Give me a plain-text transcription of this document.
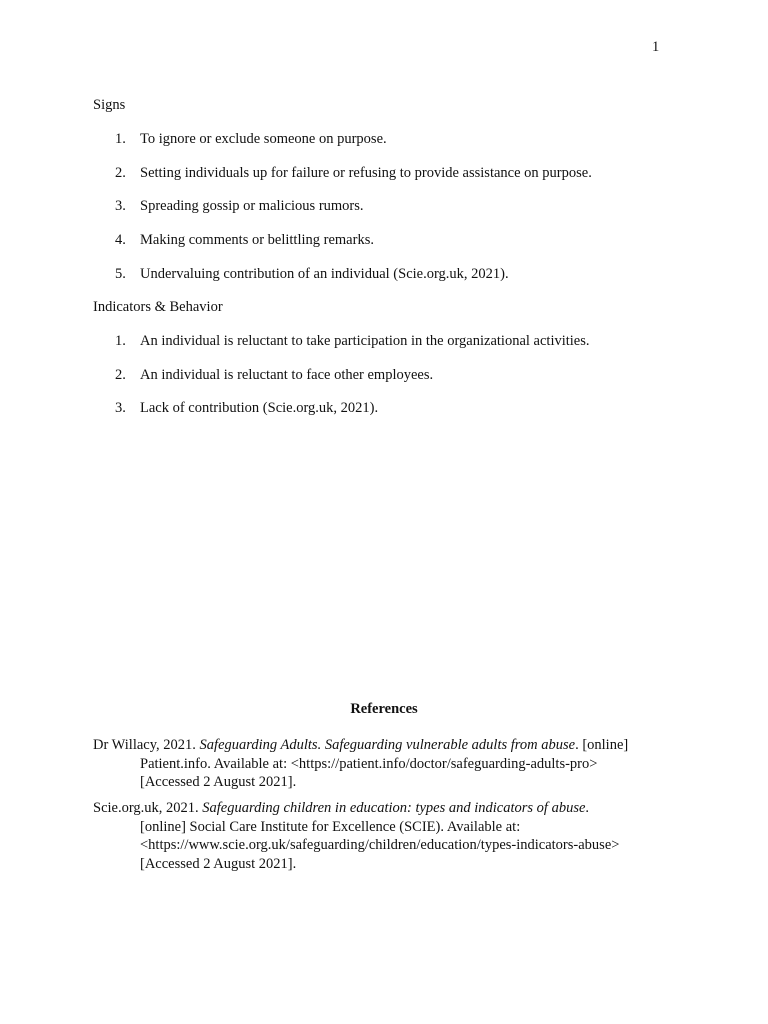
1
Signs
1. To ignore or exclude someone on purpose.
2. Setting individuals up for failure or refusing to provide assistance on purpose.
3. Spreading gossip or malicious rumors.
4. Making comments or belittling remarks.
5. Undervaluing contribution of an individual (Scie.org.uk, 2021).
Indicators & Behavior
1. An individual is reluctant to take participation in the organizational activities.
2. An individual is reluctant to face other employees.
3. Lack of contribution (Scie.org.uk, 2021).
References
Dr Willacy, 2021. Safeguarding Adults. Safeguarding vulnerable adults from abuse. [online]
Patient.info. Available at: <https://patient.info/doctor/safeguarding-adults-pro>
[Accessed 2 August 2021].
Scie.org.uk, 2021. Safeguarding children in education: types and indicators of abuse.
[online] Social Care Institute for Excellence (SCIE). Available at:
<https://www.scie.org.uk/safeguarding/children/education/types-indicators-abuse>
[Accessed 2 August 2021].
